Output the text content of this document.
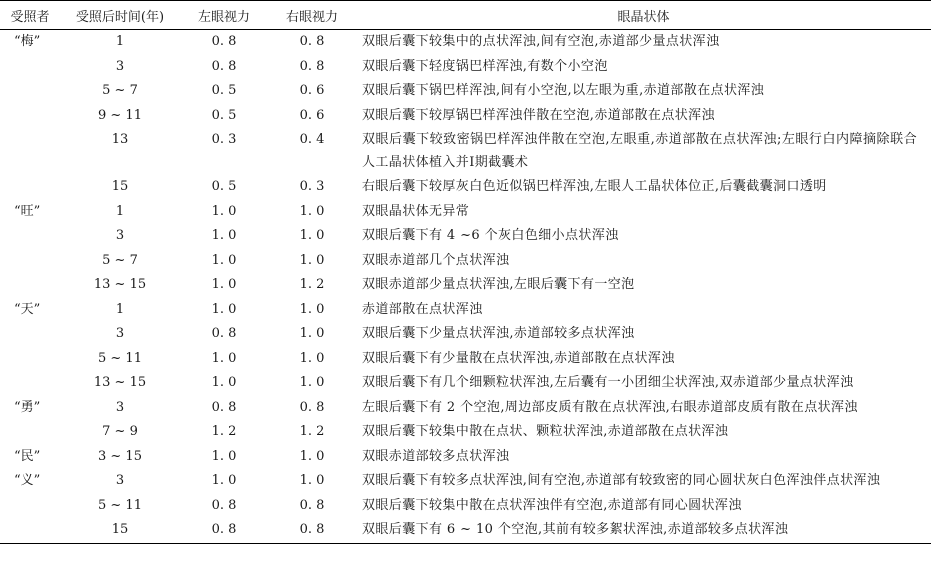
受照者	受照后时间(年)	左眼视力	右眼视力	眼晶状体
“梅”	1	0. 8	0. 8	双眼后囊下较集中的点状浑浊,间有空泡,赤道部少量点状浑浊
	3	0. 8	0. 8	双眼后囊下轻度锅巴样浑浊,有数个小空泡
	5 ~ 7	0. 5	0. 6	双眼后囊下锅巴样浑浊,间有小空泡,以左眼为重,赤道部散在点状浑浊
	9 ~ 11	0. 5	0. 6	双眼后囊下较厚锅巴样浑浊伴散在空泡,赤道部散在点状浑浊
	13	0. 3	0. 4	双眼后囊下较致密锅巴样浑浊伴散在空泡,左眼重,赤道部散在点状浑浊;左眼行白内障摘除联合人工晶状体植入并Ⅰ期截囊术
	15	0. 5	0. 3	右眼后囊下较厚灰白色近似锅巴样浑浊,左眼人工晶状体位正,后囊截囊洞口透明
“旺”	1	1. 0	1. 0	双眼晶状体无异常
	3	1. 0	1. 0	双眼后囊下有 4 ~6 个灰白色细小点状浑浊
	5 ~ 7	1. 0	1. 0	双眼赤道部几个点状浑浊
	13 ~ 15	1. 0	1. 2	双眼赤道部少量点状浑浊,左眼后囊下有一空泡
“天”	1	1. 0	1. 0	赤道部散在点状浑浊
	3	0. 8	1. 0	双眼后囊下少量点状浑浊,赤道部较多点状浑浊
	5 ~ 11	1. 0	1. 0	双眼后囊下有少量散在点状浑浊,赤道部散在点状浑浊
	13 ~ 15	1. 0	1. 0	双眼后囊下有几个细颗粒状浑浊,左后囊有一小团细尘状浑浊,双赤道部少量点状浑浊
“勇”	3	0. 8	0. 8	左眼后囊下有 2 个空泡,周边部皮质有散在点状浑浊,右眼赤道部皮质有散在点状浑浊
	7 ~ 9	1. 2	1. 2	双眼后囊下较集中散在点状、颗粒状浑浊,赤道部散在点状浑浊
“民”	3 ~ 15	1. 0	1. 0	双眼赤道部较多点状浑浊
“义”	3	1. 0	1. 0	双眼后囊下有较多点状浑浊,间有空泡,赤道部有较致密的同心圆状灰白色浑浊伴点状浑浊
	5 ~ 11	0. 8	0. 8	双眼后囊下较集中散在点状浑浊伴有空泡,赤道部有同心圆状浑浊
	15	0. 8	0. 8	双眼后囊下有 6 ~ 10 个空泡,其前有较多絮状浑浊,赤道部较多点状浑浊
